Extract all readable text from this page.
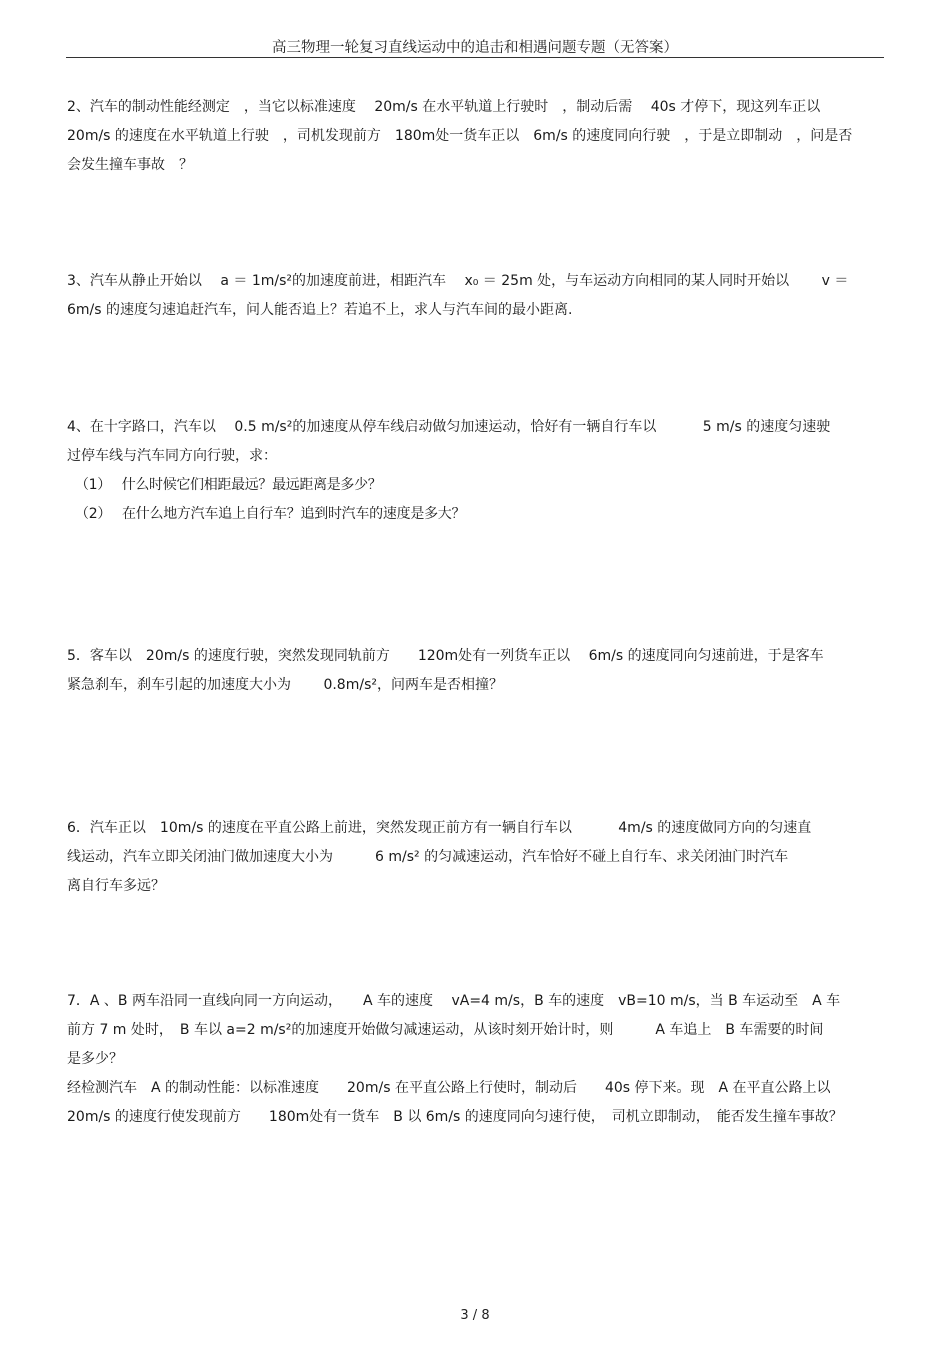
高三物理一轮复习直线运动中的追击和相遇问题专题（无答案）
2、汽车的制动性能经测定　，当它以标准速度　 20m/s 在水平轨道上行驶时　，制动后需　 40s 才停下，现这列车正以
20m/s 的速度在水平轨道上行驶　，司机发现前方　180m处一货车正以　6m/s 的速度同向行驶　，于是立即制动　，问是否
会发生撞车事故　？
3、汽车从静止开始以　 a ＝ 1m/s²的加速度前进，相距汽车　 x₀ ＝ 25m 处，与车运动方向相同的某人同时开始以　　 v ＝
6m/s 的速度匀速追赶汽车，问人能否追上？若追不上，求人与汽车间的最小距离.
4、在十字路口，汽车以　 0.5 m/s²的加速度从停车线启动做匀加速运动，恰好有一辆自行车以　　　 5 m/s 的速度匀速驶
过停车线与汽车同方向行驶，求：
（1）　 什么时候它们相距最远？最远距离是多少？
（2）　 在什么地方汽车追上自行车？追到时汽车的速度是多大？
5．客车以　20m/s 的速度行驶，突然发现同轨前方　　120m处有一列货车正以　 6m/s 的速度同向匀速前进，于是客车
紧急刹车，刹车引起的加速度大小为　　 0.8m/s²，问两车是否相撞？
6．汽车正以　10m/s 的速度在平直公路上前进，突然发现正前方有一辆自行车以　　　 4m/s 的速度做同方向的匀速直
线运动，汽车立即关闭油门做加速度大小为　　　6 m/s² 的匀减速运动，汽车恰好不碰上自行车、求关闭油门时汽车
离自行车多远？
7．A 、B 两车沿同一直线向同一方向运动，　　A 车的速度　 vA=4 m/s，B 车的速度　vB=10 m/s，当 B 车运动至　A 车
前方 7 m 处时，　B 车以 a=2 m/s²的加速度开始做匀减速运动，从该时刻开始计时，则　　　A 车追上　B 车需要的时间
是多少？
经检测汽车　A 的制动性能：以标准速度　　20m/s 在平直公路上行使时，制动后　　40s 停下来。现　A 在平直公路上以
20m/s 的速度行使发现前方　　180m处有一货车　B 以 6m/s 的速度同向匀速行使，　司机立即制动，　能否发生撞车事故？
3 / 8
